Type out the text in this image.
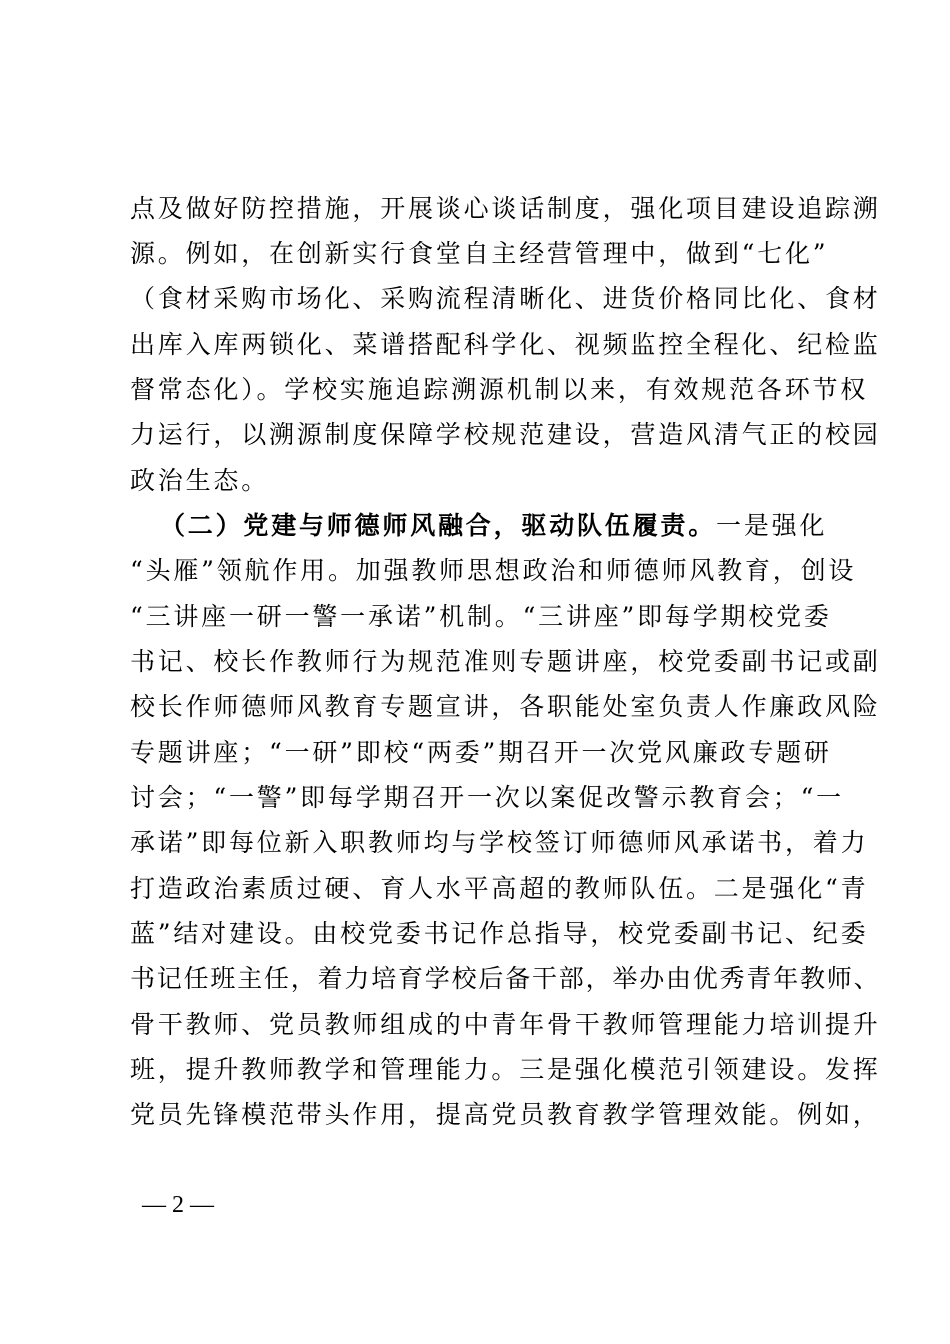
点及做好防控措施，开展谈心谈话制度，强化项目建设追踪溯
源。例如，在创新实行食堂自主经营管理中，做到“七化”
（食材采购市场化、采购流程清晰化、进货价格同比化、食材
出库入库两锁化、菜谱搭配科学化、视频监控全程化、纪检监
督常态化）。学校实施追踪溯源机制以来，有效规范各环节权
力运行，以溯源制度保障学校规范建设，营造风清气正的校园
政治生态。
（二）党建与师德师风融合，驱动队伍履责。一是强化
“头雁”领航作用。加强教师思想政治和师德师风教育，创设
“三讲座一研一警一承诺”机制。“三讲座”即每学期校党委
书记、校长作教师行为规范准则专题讲座，校党委副书记或副
校长作师德师风教育专题宣讲，各职能处室负责人作廉政风险
专题讲座；“一研”即校“两委”期召开一次党风廉政专题研
讨会；“一警”即每学期召开一次以案促改警示教育会；“一
承诺”即每位新入职教师均与学校签订师德师风承诺书，着力
打造政治素质过硬、育人水平高超的教师队伍。二是强化“青
蓝”结对建设。由校党委书记作总指导，校党委副书记、纪委
书记任班主任，着力培育学校后备干部，举办由优秀青年教师、
骨干教师、党员教师组成的中青年骨干教师管理能力培训提升
班，提升教师教学和管理能力。三是强化模范引领建设。发挥
党员先锋模范带头作用，提高党员教育教学管理效能。例如，
— 2 —
